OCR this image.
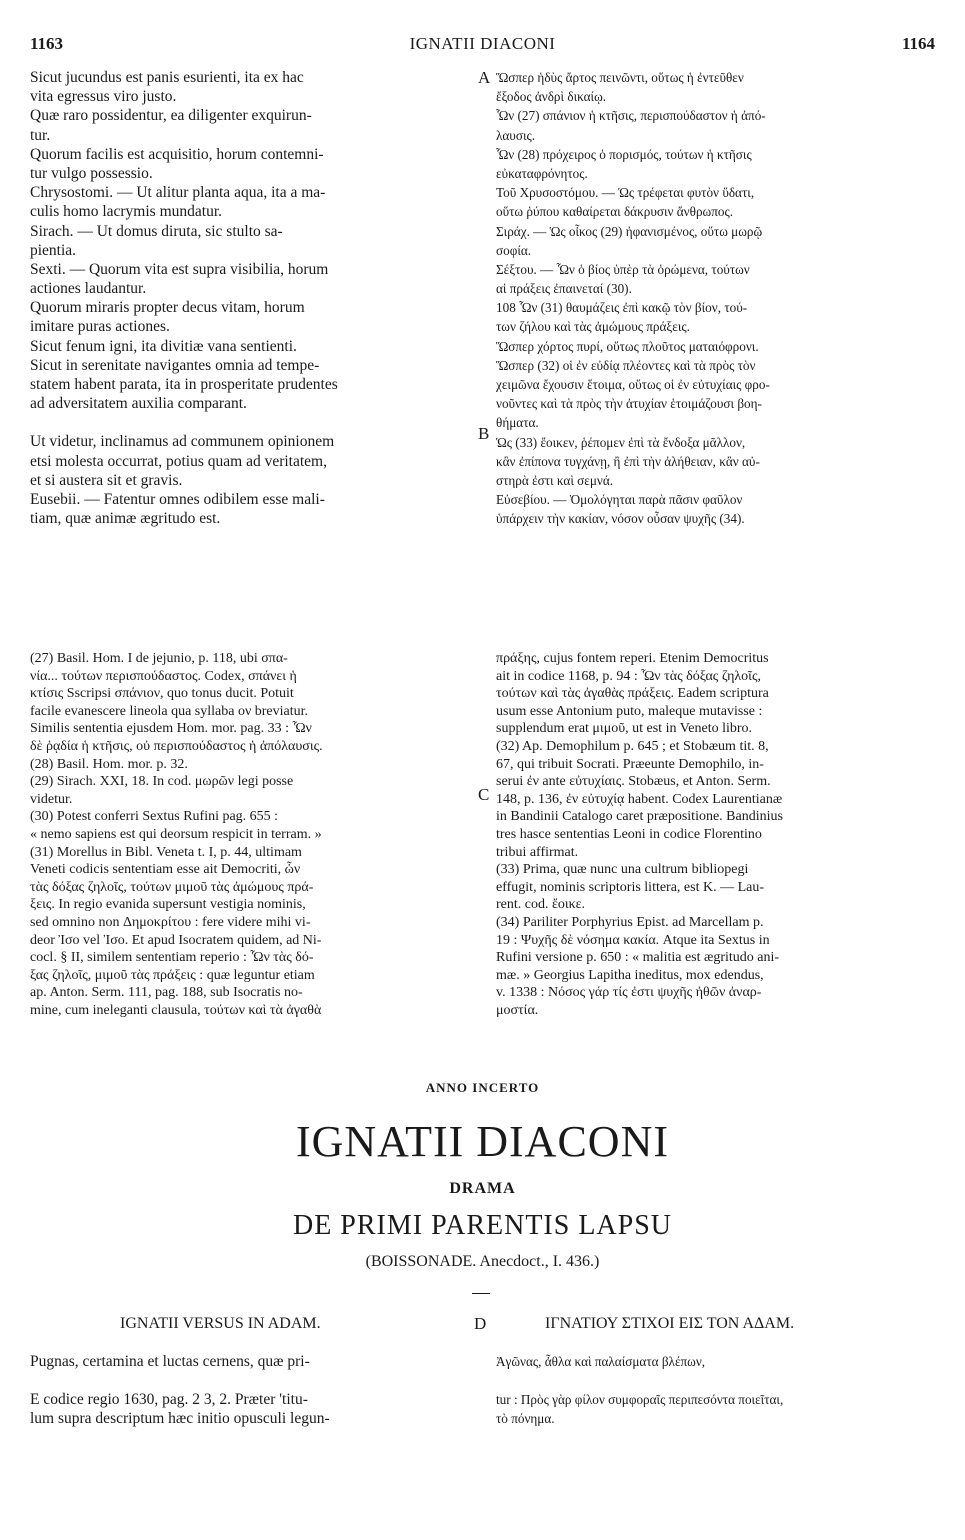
1163	IGNATII DIACONI	1164
Sicut jucundus est panis esurienti, ita ex hac
vita egressus viro justo.
Quæ raro possidentur, ea diligenter exquirun-
tur.
Quorum facilis est acquisitio, horum contemni-
tur vulgo possessio.
Chrysostomi. — Ut alitur planta aqua, ita a ma-
culis homo lacrymis mundatur.
Sirach. — Ut domus diruta, sic stulto sa-
pientia.
Sexti. — Quorum vita est supra visibilia, horum
actiones laudantur.
Quorum miraris propter decus vitam, horum
imitare puras actiones.
Sicut fenum igni, ita divitiæ vana sentienti.
Sicut in serenitate navigantes omnia ad tempe-
statem habent parata, ita in prosperitate prudentes
ad adversitatem auxilia comparant.
Ut videtur, inclinamus ad communem opinionem
etsi molesta occurrat, potius quam ad veritatem,
et si austera sit et gravis.
Eusebii. — Fatentur omnes odibilem esse mali-
tiam, quæ animæ ægritudo est.
Ὥσπερ ἡδὺς ἄρτος πεινῶντι, οὕτως ἡ ἐντεῦθεν
ἔξοδος ἀνδρὶ δικαίῳ.
Ὧν (27) σπάνιον ἡ κτῆσις, περισπούδαστον ἡ ἀπό-
λαυσις.
Ὧν (28) πρόχειρος ὁ πορισμός, τούτων ἡ κτῆσις
εὐκαταφρόνητος.
Τοῦ Χρυσοστόμου. — Ὡς τρέφεται φυτὸν ὕδατι,
οὕτω ῥύπου καθαίρεται δάκρυσιν ἄνθρωπος.
Σιράχ. — Ὡς οἶκος (29) ἠφανισμένος, οὕτω μωρῷ
σοφία.
Σέξτου. — Ὧν ὁ βίος ὑπὲρ τὰ ὁρώμενα, τούτων
αἱ πράξεις ἐπαινεταί (30).
108 Ὧν (31) θαυμάζεις ἐπὶ κακῷ τὸν βίον, τού-
των ζήλου καὶ τὰς ἀμώμους πράξεις.
Ὥσπερ χόρτος πυρί, οὕτως πλοῦτος ματαιόφρονι.
Ὥσπερ (32) οἱ ἐν εὐδίᾳ πλέοντες καὶ τὰ πρὸς τὸν
χειμῶνα ἔχουσιν ἕτοιμα, οὕτως οἱ ἐν εὐτυχίαις φρο-
νοῦντες καὶ τὰ πρὸς τὴν ἀτυχίαν ἑτοιμάζουσι βοη-
θήματα.
Ὡς (33) ἔοικεν, ῥέπομεν ἐπὶ τὰ ἔνδοξα μᾶλλον,
κἂν ἐπίπονα τυγχάνῃ, ἢ ἐπὶ τὴν ἀλήθειαν, κἂν αὐ-
στηρὰ ἐστι καὶ σεμνά.
Εὐσεβίου. — Ὁμολόγηται παρὰ πᾶσιν φαῦλον
ὑπάρχειν τὴν κακίαν, νόσον οὖσαν ψυχῆς (34).
(27) Basil. Hom. I de jejunio, p. 118, ubi σπα-
νία... τούτων περισπούδαστος. Codex, σπάνει ἡ
κτίσις Sscripsi σπάνιον, quo tonus ducit. Potuit
facile evanescere lineola qua syllaba ον breviatur.
Similis sententia ejusdem Hom. mor. pag. 33 : Ὧν
δὲ ῥᾳδία ἡ κτῆσις, οὐ περισπούδαστος ἡ ἀπόλαυσις.
(28) Basil. Hom. mor. p. 32.
(29) Sirach. XXI, 18. In cod. μωρῶν legi posse
videtur.
(30) Potest conferri Sextus Rufini pag. 655 :
« nemo sapiens est qui deorsum respicit in terram. »
(31) Morellus in Bibl. Veneta t. I, p. 44, ultimam
Veneti codicis sententiam esse ait Democriti, ὧν
τὰς δόξας ζηλοῖς, τούτων μιμοῦ τὰς ἀμώμους πρά-
ξεις. In regio evanida supersunt vestigia nominis,
sed omnino non Δημοκρίτου : fere videre mihi vi-
deor Ἰσο vel Ἰσο. Et apud Isocratem quidem, ad Ni-
cocl. § II, similem sententiam reperio : Ὧν τὰς δό-
ξας ζηλοῖς, μιμοῦ τὰς πράξεις : quæ leguntur etiam
ap. Anton. Serm. 111, pag. 188, sub Isocratis no-
mine, cum ineleganti clausula, τούτων καὶ τὰ ἀγαθὰ
πράξης, cujus fontem reperi. Etenim Democritus
ait in codice 1168, p. 94 : Ὧν τὰς δόξας ζηλοῖς,
τούτων καὶ τὰς ἀγαθὰς πράξεις. Eadem scriptura
usum esse Antonium puto, maleque mutavisse :
supplendum erat μιμοῦ, ut est in Veneto libro.
(32) Ap. Demophilum p. 645 ; et Stobæum tit. 8,
67, qui tribuit Socrati. Præeunte Demophilo, in-
serui ἐν ante εὐτυχίαις. Stobæus, et Anton. Serm.
148, p. 136, ἐν εὐτυχίᾳ habent. Codex Laurentianæ
in Bandinii Catalogo caret præpositione. Bandinius
tres hasce sententias Leoni in codice Florentino
tribui affirmat.
(33) Prima, quæ nunc una cultrum bibliopegi
effugit, nominis scriptoris littera, est K. — Lau-
rent. cod. ἔοικε.
(34) Pariliter Porphyrius Epist. ad Marcellam p.
19 : Ψυχῆς δὲ νόσημα κακία. Atque ita Sextus in
Rufini versione p. 650 : « malitia est ægritudo ani-
mæ. » Georgius Lapitha ineditus, mox edendus,
v. 1338 : Νόσος γάρ τίς ἐστι ψυχῆς ἠθῶν ἀναρ-
μοστία.
A
B
C
D
ANNO INCERTO
IGNATII DIACONI
DRAMA
DE PRIMI PARENTIS LAPSU
(BOISSONADE. Anecdoct., I. 436.)
IGNATII VERSUS IN ADAM.	ΙΓΝΑΤΙΟΥ ΣΤΙΧΟΙ ΕΙΣ ΤΟΝ ΑΔΑΜ.
Pugnas, certamina et luctas cernens, quæ pri-
E codice regio 1630, pag. 2 3, 2. Præter 'titu-
lum supra descriptum hæc initio opusculi legun-
Ἀγῶνας, ἆθλα καὶ παλαίσματα βλέπων,
tur : Πρὸς γὰρ φίλον συμφοραῖς περιπεσόντα ποιεῖται,
τὸ πόνημα.
